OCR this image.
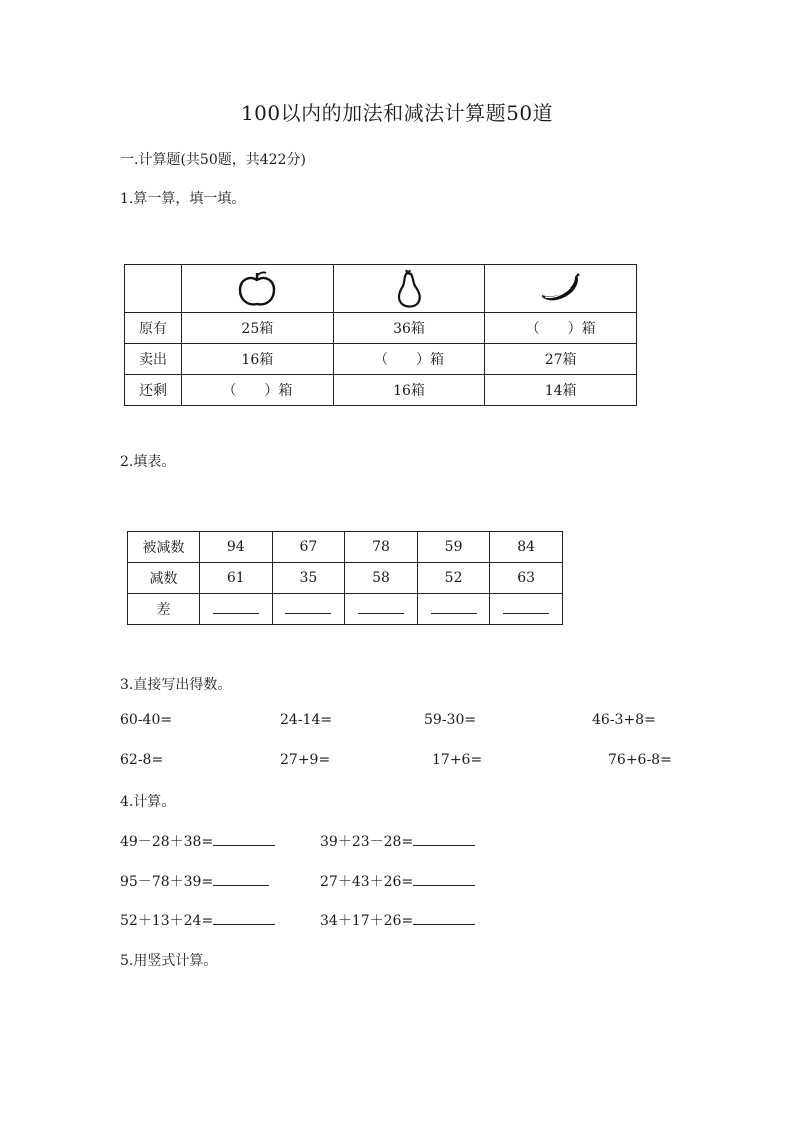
100以内的加法和减法计算题50道
一.计算题(共50题，共422分)
1.算一算，填一填。

原有	25箱	36箱	（　　）箱
卖出	16箱	（　　）箱	27箱
还剩	（　　）箱	16箱	14箱
2.填表。
被减数	94	67	78	59	84
减数	61	35	58	52	63
差					
3.直接写出得数。
60-40=	24-14=	59-30=	46-3+8=
62-8=	27+9=	17+6=	76+6-8=
4.计算。
49－28＋38=	39＋23－28=
95－78＋39=	27＋43＋26=
52＋13＋24=	34＋17＋26=
5.用竖式计算。
